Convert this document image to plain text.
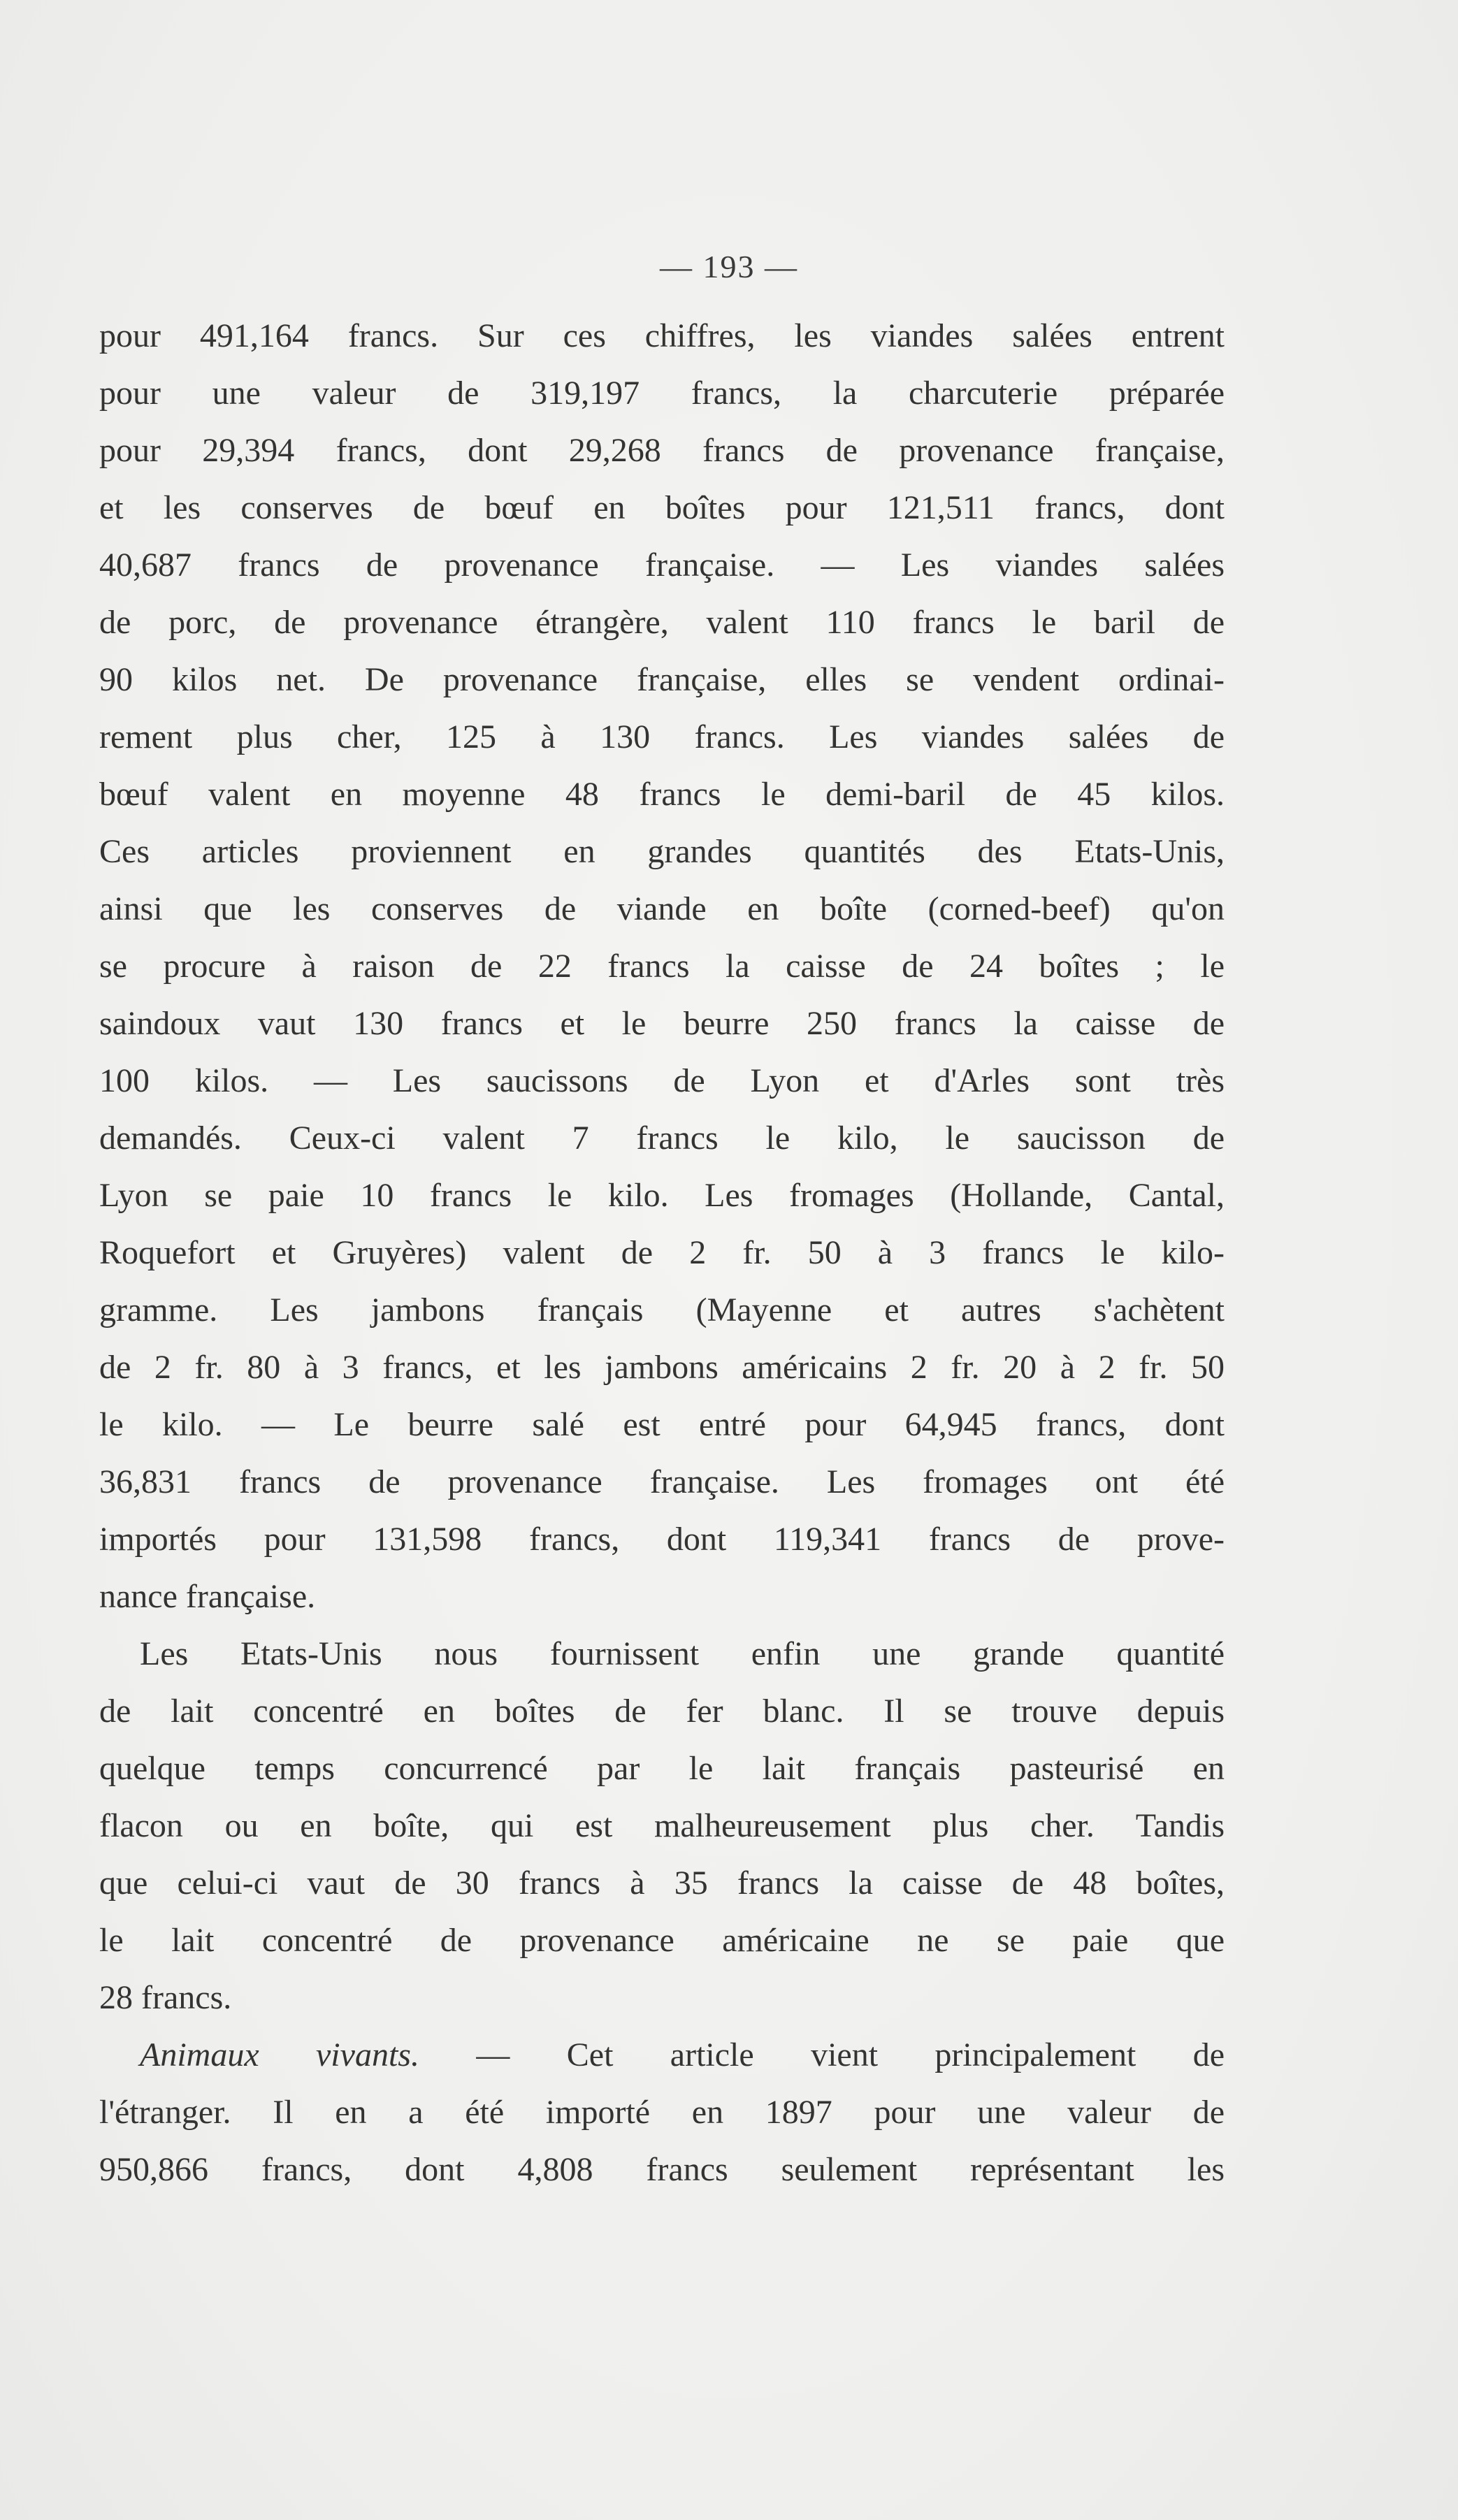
— 193 —
pour 491,164 francs. Sur ces chiffres, les viandes salées entrent
pour une valeur de 319,197 francs, la charcuterie préparée
pour 29,394 francs, dont 29,268 francs de provenance française,
et les conserves de bœuf en boîtes pour 121,511 francs, dont
40,687 francs de provenance française. — Les viandes salées
de porc, de provenance étrangère, valent 110 francs le baril de
90 kilos net. De provenance française, elles se vendent ordinai-
rement plus cher, 125 à 130 francs. Les viandes salées de
bœuf valent en moyenne 48 francs le demi-baril de 45 kilos.
Ces articles proviennent en grandes quantités des Etats-Unis,
ainsi que les conserves de viande en boîte (corned-beef) qu'on
se procure à raison de 22 francs la caisse de 24 boîtes ; le
saindoux vaut 130 francs et le beurre 250 francs la caisse de
100 kilos. — Les saucissons de Lyon et d'Arles sont très
demandés. Ceux-ci valent 7 francs le kilo, le saucisson de
Lyon se paie 10 francs le kilo. Les fromages (Hollande, Cantal,
Roquefort et Gruyères) valent de 2 fr. 50 à 3 francs le kilo-
gramme. Les jambons français (Mayenne et autres s'achètent
de 2 fr. 80 à 3 francs, et les jambons américains 2 fr. 20 à 2 fr. 50
le kilo. — Le beurre salé est entré pour 64,945 francs, dont
36,831 francs de provenance française. Les fromages ont été
importés pour 131,598 francs, dont 119,341 francs de prove-
nance française.
Les Etats-Unis nous fournissent enfin une grande quantité
de lait concentré en boîtes de fer blanc. Il se trouve depuis
quelque temps concurrencé par le lait français pasteurisé en
flacon ou en boîte, qui est malheureusement plus cher. Tandis
que celui-ci vaut de 30 francs à 35 francs la caisse de 48 boîtes,
le lait concentré de provenance américaine ne se paie que
28 francs.
Animaux vivants. — Cet article vient principalement de
l'étranger. Il en a été importé en 1897 pour une valeur de
950,866 francs, dont 4,808 francs seulement représentant les
